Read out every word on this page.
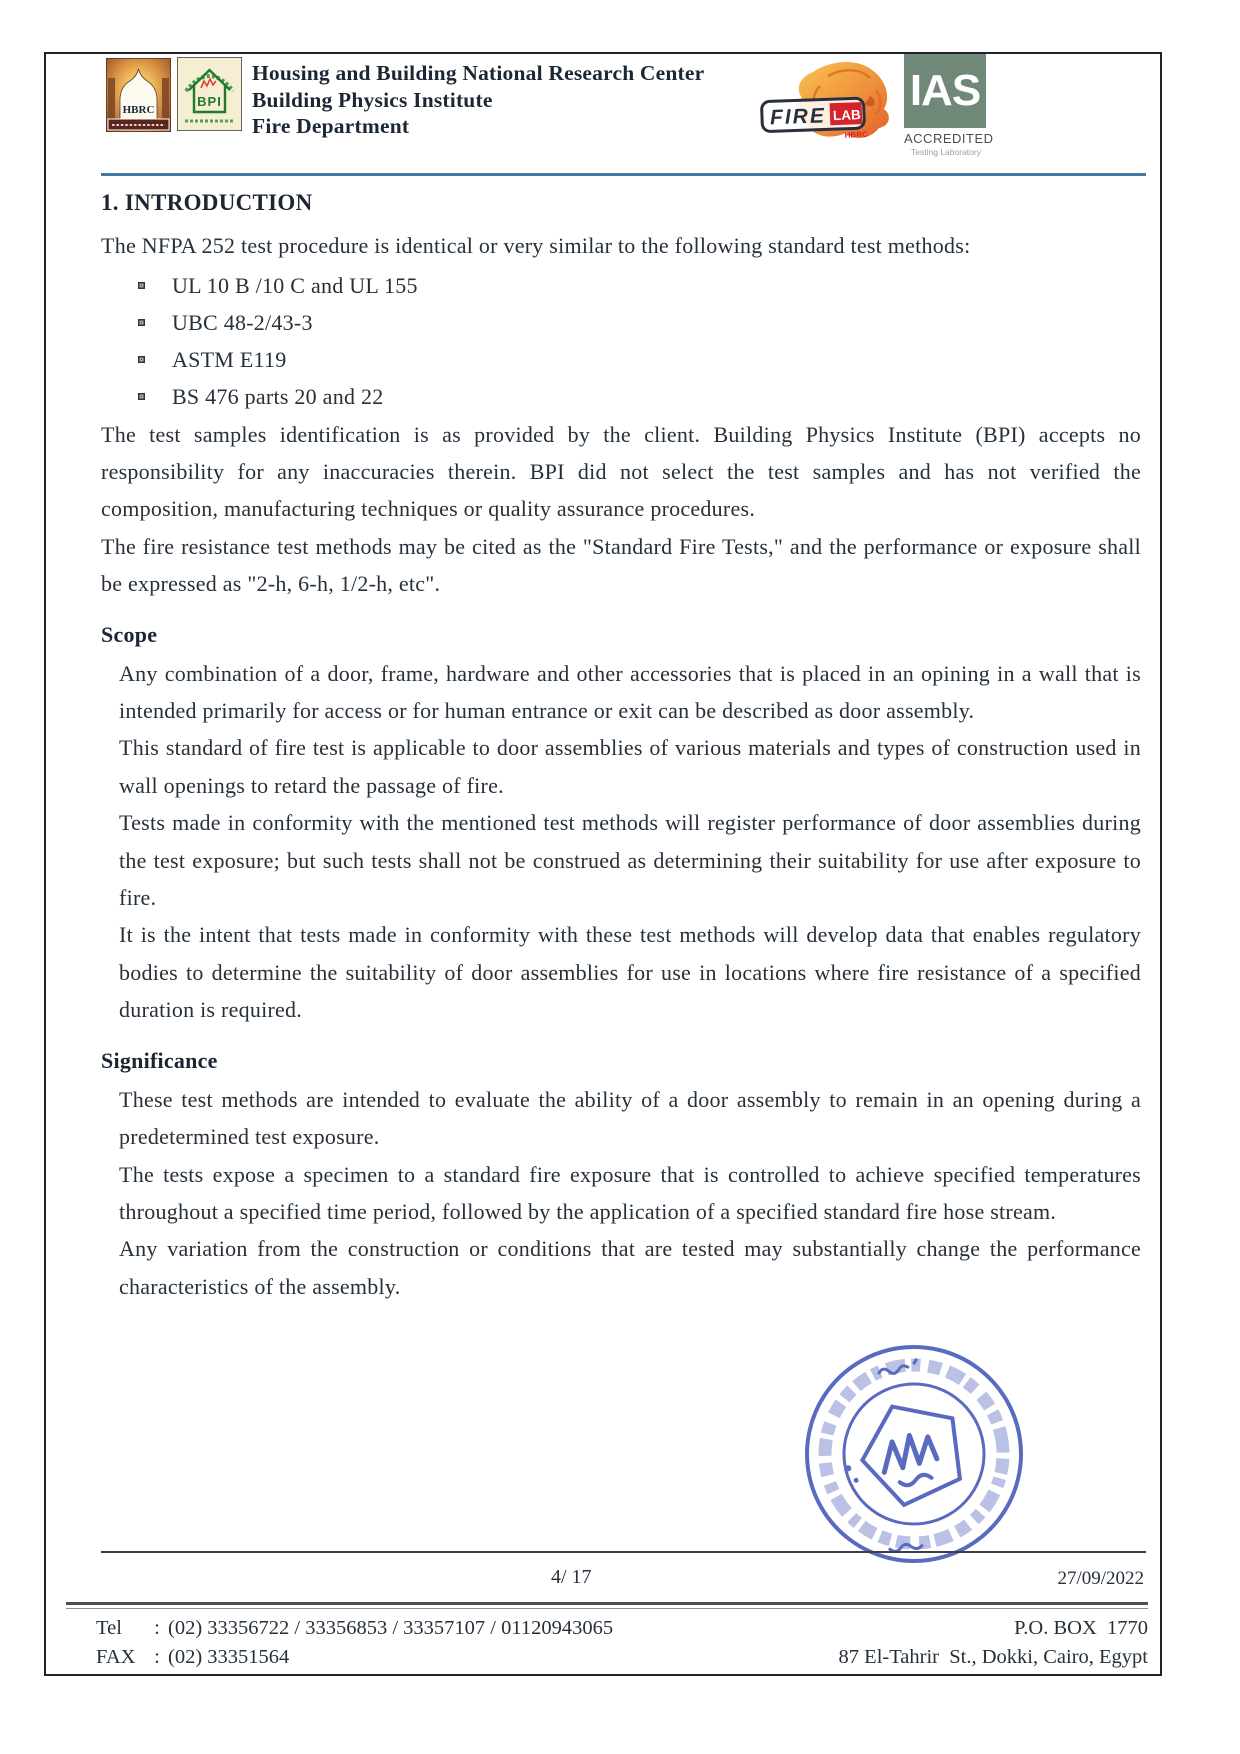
HBRC
BPI
Housing and Building National Research Center
Building Physics Institute
Fire Department	FIRE LAB
HBRC
IAS
ACCREDITED
Testing Laboratory
1. INTRODUCTION

The NFPA 252 test procedure is identical or very similar to the following standard test methods:

UL 10 B /10 C and UL 155
UBC 48-2/43-3
ASTM E119
BS 476 parts 20 and 22

The test samples identification is as provided by the client. Building Physics Institute (BPI) accepts no responsibility for any inaccuracies therein. BPI did not select the test samples and has not verified the composition, manufacturing techniques or quality assurance procedures.

The fire resistance test methods may be cited as the "Standard Fire Tests," and the performance or exposure shall be expressed as "2-h, 6-h, 1/2-h, etc".

Scope

Any combination of a door, frame, hardware and other accessories that is placed in an opining in a wall that is intended primarily for access or for human entrance or exit can be described as door assembly.

This standard of fire test is applicable to door assemblies of various materials and types of construction used in wall openings to retard the passage of fire.

Tests made in conformity with the mentioned test methods will register performance of door assemblies during the test exposure; but such tests shall not be construed as determining their suitability for use after exposure to fire.

It is the intent that tests made in conformity with these test methods will develop data that enables regulatory bodies to determine the suitability of door assemblies for use in locations where fire resistance of a specified duration is required.

Significance

These test methods are intended to evaluate the ability of a door assembly to remain in an opening during a predetermined test exposure.

The tests expose a specimen to a standard fire exposure that is controlled to achieve specified temperatures throughout a specified time period, followed by the application of a specified standard fire hose stream.

Any variation from the construction or conditions that are tested may substantially change the performance characteristics of the assembly.

4/ 17	27/09/2022
Tel	: (02) 33356722 / 33356853 / 33357107 / 01120943065
FAX : (02) 33351564
P.O. BOX  1770
87 El-Tahrir  St., Dokki, Cairo, Egypt
